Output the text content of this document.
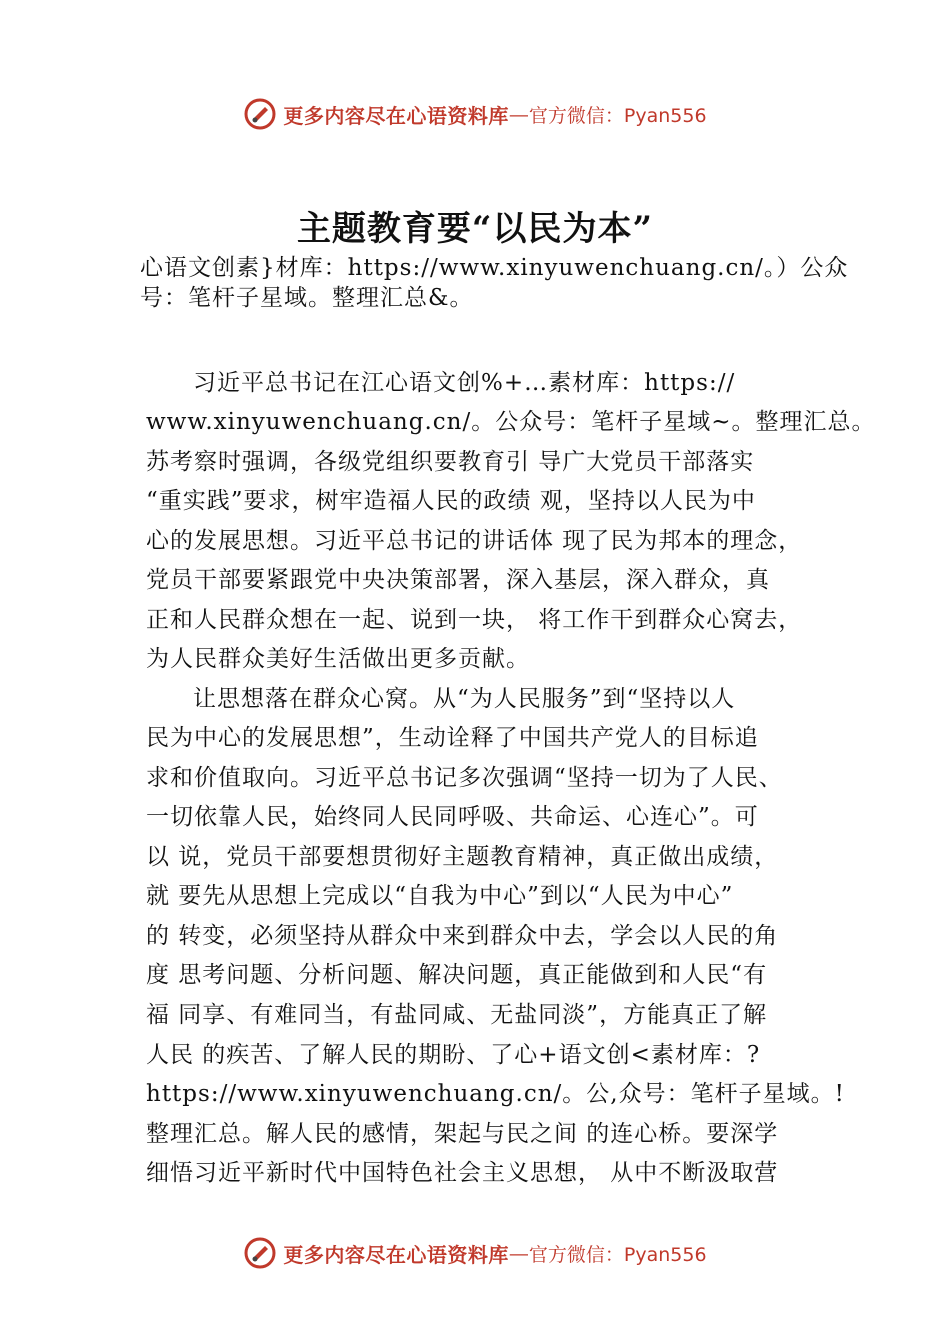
更多内容尽在心语资料库 — 官方微信：Pyan556
主题教育要“以民为本”

心语文创素}材库：https://www.xinyuwenchuang.cn/。）公众

号：笔杆子星域。整理汇总&。

习近平总书记在江心语文创%+…素材库：https://

www.xinyuwenchuang.cn/。公众号：笔杆子星域~。整理汇总。

苏考察时强调，各级党组织要教育引 导广大党员干部落实

“重实践”要求，树牢造福人民的政绩 观，坚持以人民为中

心的发展思想。习近平总书记的讲话体 现了民为邦本的理念，

党员干部要紧跟党中央决策部署，深入基层，深入群众，真

正和人民群众想在一起、说到一块， 将工作干到群众心窝去，

为人民群众美好生活做出更多贡献。

让思想落在群众心窝。从“为人民服务”到“坚持以人

民为中心的发展思想”，生动诠释了中国共产党人的目标追

求和价值取向。习近平总书记多次强调“坚持一切为了人民、

一切依靠人民，始终同人民同呼吸、共命运、心连心”。可

以 说，党员干部要想贯彻好主题教育精神，真正做出成绩，

就 要先从思想上完成以“自我为中心”到以“人民为中心”

的 转变，必须坚持从群众中来到群众中去，学会以人民的角

度 思考问题、分析问题、解决问题，真正能做到和人民“有

福 同享、有难同当，有盐同咸、无盐同淡”，方能真正了解

人民 的疾苦、了解人民的期盼、了心+语文创<素材库：?

https://www.xinyuwenchuang.cn/。公,众号：笔杆子星域。!

整理汇总。解人民的感情，架起与民之间 的连心桥。要深学

细悟习近平新时代中国特色社会主义思想， 从中不断汲取营

更多内容尽在心语资料库 — 官方微信：Pyan556
